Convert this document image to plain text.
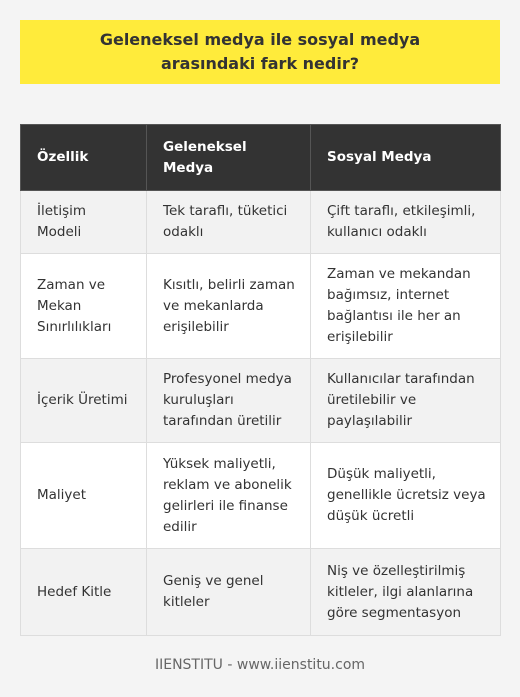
Geleneksel medya ile sosyal medya arasındaki fark nedir?
Özellik	Geleneksel Medya	Sosyal Medya
İletişim Modeli	Tek taraflı, tüketici odaklı	Çift taraflı, etkileşimli, kullanıcı odaklı
Zaman ve Mekan Sınırlılıkları	Kısıtlı, belirli zaman ve mekanlarda erişilebilir	Zaman ve mekandan bağımsız, internet bağlantısı ile her an erişilebilir
İçerik Üretimi	Profesyonel medya kuruluşları tarafından üretilir	Kullanıcılar tarafından üretilebilir ve paylaşılabilir
Maliyet	Yüksek maliyetli, reklam ve abonelik gelirleri ile finanse edilir	Düşük maliyetli, genellikle ücretsiz veya düşük ücretli
Hedef Kitle	Geniş ve genel kitleler	Niş ve özelleştirilmiş kitleler, ilgi alanlarına göre segmentasyon
IIENSTITU - www.iienstitu.com
